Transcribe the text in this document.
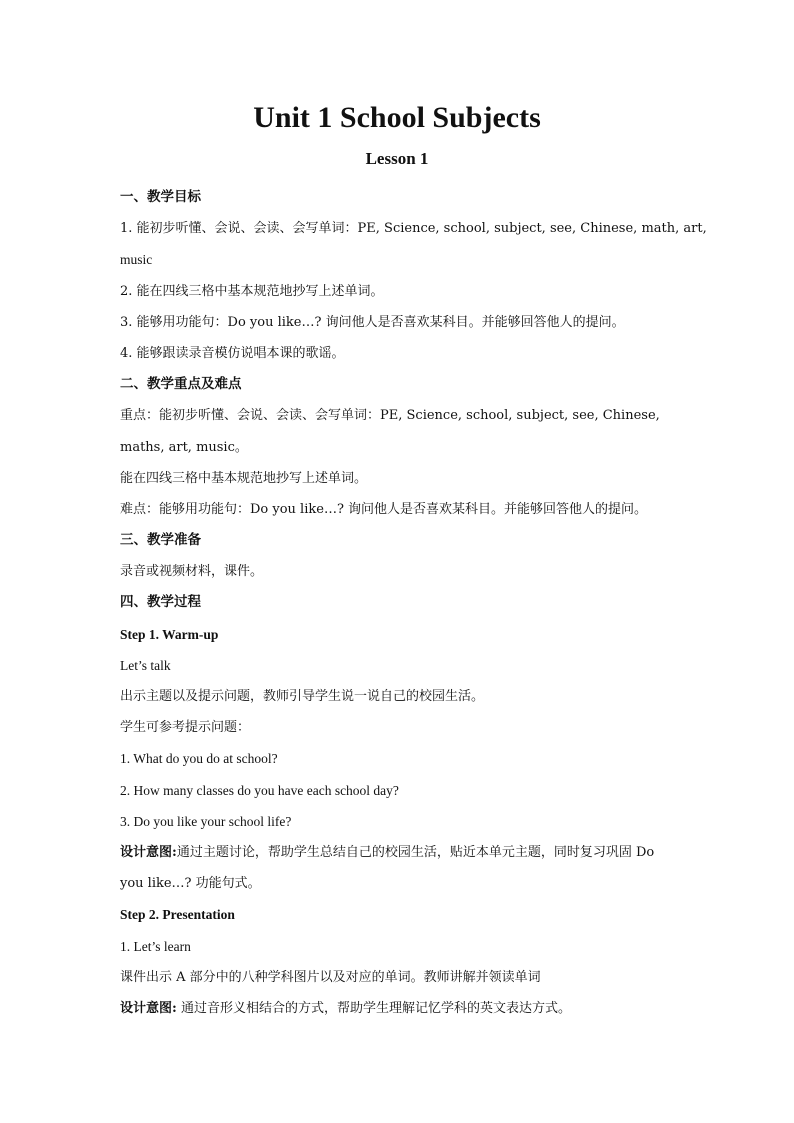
Unit 1 School Subjects
Lesson 1
一、教学目标
1. 能初步听懂、会说、会读、会写单词：PE, Science, school, subject, see, Chinese, math, art,
music
2. 能在四线三格中基本规范地抄写上述单词。
3. 能够用功能句：Do you like…? 询问他人是否喜欢某科目。并能够回答他人的提问。
4. 能够跟读录音模仿说唱本课的歌谣。
二、教学重点及难点
重点：能初步听懂、会说、会读、会写单词：PE, Science, school, subject, see, Chinese,
maths, art, music。
能在四线三格中基本规范地抄写上述单词。
难点：能够用功能句：Do you like…? 询问他人是否喜欢某科目。并能够回答他人的提问。
三、教学准备
录音或视频材料，课件。
四、教学过程
Step 1. Warm-up
Let’s talk
出示主题以及提示问题，教师引导学生说一说自己的校园生活。
学生可参考提示问题：
1. What do you do at school?
2. How many classes do you have each school day?
3. Do you like your school life?
设计意图:通过主题讨论，帮助学生总结自己的校园生活，贴近本单元主题，同时复习巩固 Do
you like…? 功能句式。
Step 2. Presentation
1. Let’s learn
课件出示 A 部分中的八种学科图片以及对应的单词。教师讲解并领读单词
设计意图: 通过音形义相结合的方式，帮助学生理解记忆学科的英文表达方式。
